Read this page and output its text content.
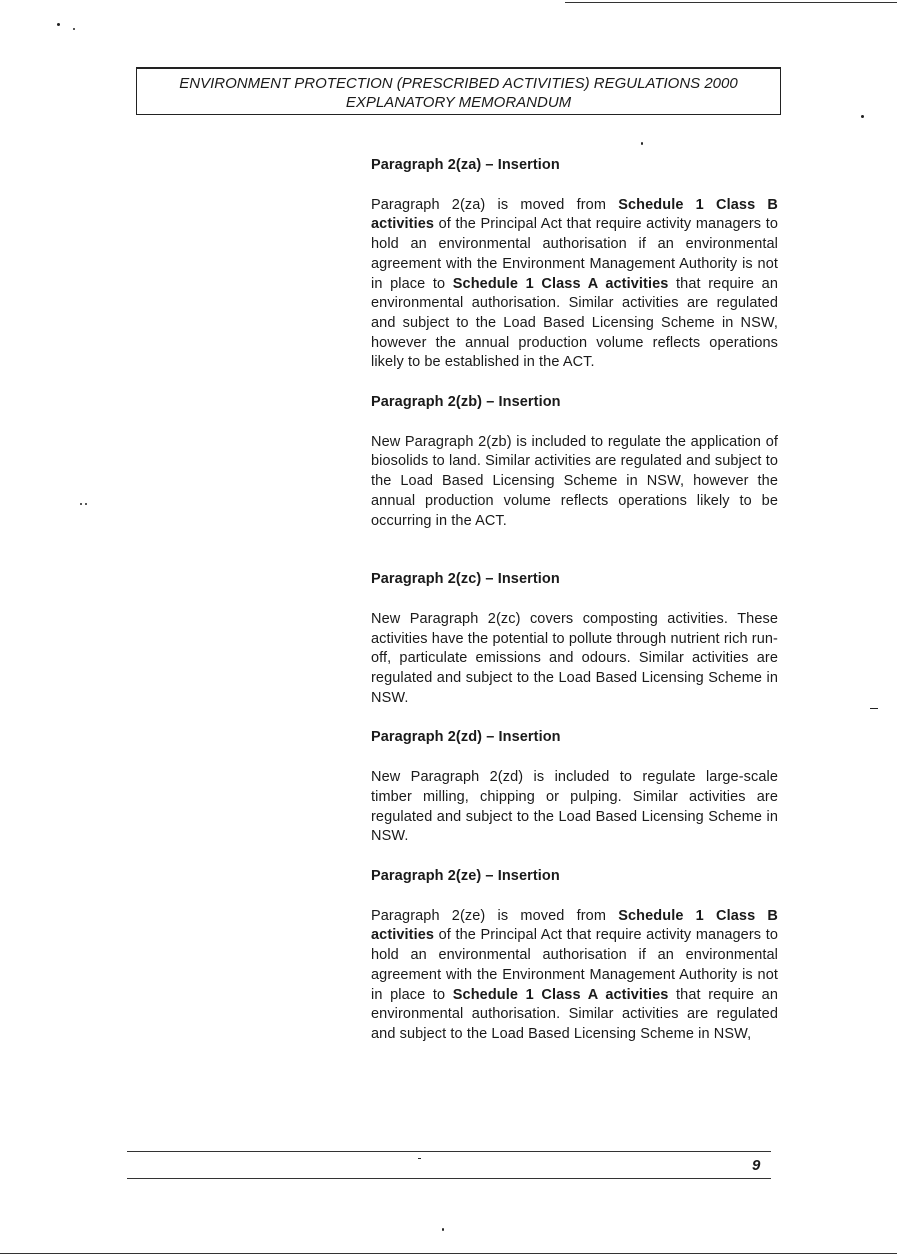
ENVIRONMENT PROTECTION (PRESCRIBED ACTIVITIES) REGULATIONS 2000
EXPLANATORY MEMORANDUM
Paragraph 2(za) – Insertion

Paragraph 2(za) is moved from Schedule 1 Class B activities of the Principal Act that require activity managers to hold an environmental authorisation if an environmental agreement with the Environment Management Authority is not in place to Schedule 1 Class A activities that require an environmental authorisation. Similar activities are regulated and subject to the Load Based Licensing Scheme in NSW, however the annual production volume reflects operations likely to be established in the ACT.

Paragraph 2(zb) – Insertion

New Paragraph 2(zb) is included to regulate the application of biosolids to land. Similar activities are regulated and subject to the Load Based Licensing Scheme in NSW, however the annual production volume reflects operations likely to be occurring in the ACT.

Paragraph 2(zc) – Insertion

New Paragraph 2(zc) covers composting activities. These activities have the potential to pollute through nutrient rich run-off, particulate emissions and odours. Similar activities are regulated and subject to the Load Based Licensing Scheme in NSW.

Paragraph 2(zd) – Insertion

New Paragraph 2(zd) is included to regulate large-scale timber milling, chipping or pulping. Similar activities are regulated and subject to the Load Based Licensing Scheme in NSW.

Paragraph 2(ze) – Insertion

Paragraph 2(ze) is moved from Schedule 1 Class B activities of the Principal Act that require activity managers to hold an environmental authorisation if an environmental agreement with the Environment Management Authority is not in place to Schedule 1 Class A activities that require an environmental authorisation. Similar activities are regulated and subject to the Load Based Licensing Scheme in NSW,

9
